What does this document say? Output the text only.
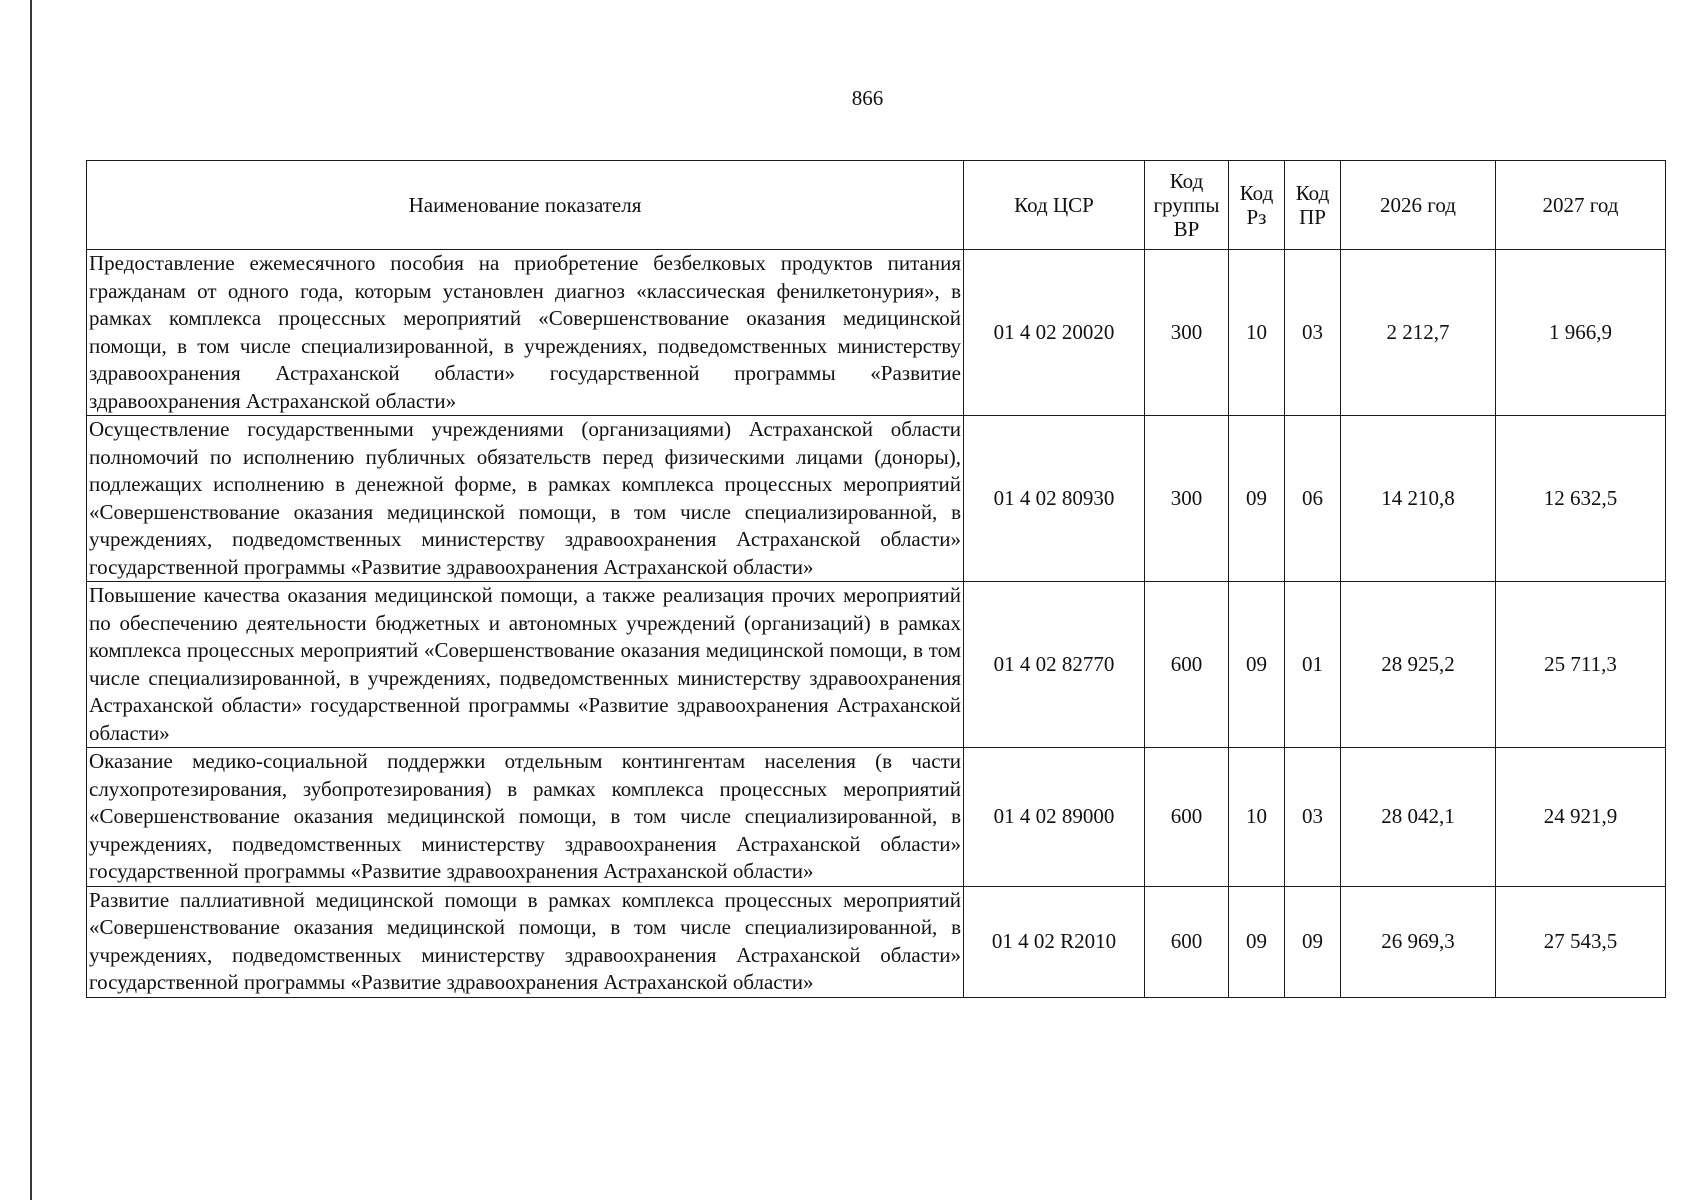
866
Наименование показателя	Код ЦСР	Код группы ВР	Код Рз	Код ПР	2026 год	2027 год
Предоставление ежемесячного пособия на приобретение безбелковых продуктов питания гражданам от одного года, которым установлен диагноз «классическая фенилкетонурия», в рамках комплекса процессных мероприятий «Совершенствование оказания медицинской помощи, в том числе специализированной, в учреждениях, подведомственных министерству здравоохранения Астраханской области» государственной программы «Развитие здравоохранения Астраханской области»	01 4 02 20020	300	10	03	2 212,7	1 966,9
Осуществление государственными учреждениями (организациями) Астраханской области полномочий по исполнению публичных обязательств перед физическими лицами (доноры), подлежащих исполнению в денежной форме, в рамках комплекса процессных мероприятий «Совершенствование оказания медицинской помощи, в том числе специализированной, в учреждениях, подведомственных министерству здравоохранения Астраханской области» государственной программы «Развитие здравоохранения Астраханской области»	01 4 02 80930	300	09	06	14 210,8	12 632,5
Повышение качества оказания медицинской помощи, а также реализация прочих мероприятий по обеспечению деятельности бюджетных и автономных учреждений (организаций) в рамках комплекса процессных мероприятий «Совершенствование оказания медицинской помощи, в том числе специализированной, в учреждениях, подведомственных министерству здравоохранения Астраханской области» государственной программы «Развитие здравоохранения Астраханской области»	01 4 02 82770	600	09	01	28 925,2	25 711,3
Оказание медико-социальной поддержки отдельным контингентам населения (в части слухопротезирования, зубопротезирования) в рамках комплекса процессных мероприятий «Совершенствование оказания медицинской помощи, в том числе специализированной, в учреждениях, подведомственных министерству здравоохранения Астраханской области» государственной программы «Развитие здравоохранения Астраханской области»	01 4 02 89000	600	10	03	28 042,1	24 921,9
Развитие паллиативной медицинской помощи в рамках комплекса процессных мероприятий «Совершенствование оказания медицинской помощи, в том числе специализированной, в учреждениях, подведомственных министерству здравоохранения Астраханской области» государственной программы «Развитие здравоохранения Астраханской области»	01 4 02 R2010	600	09	09	26 969,3	27 543,5
